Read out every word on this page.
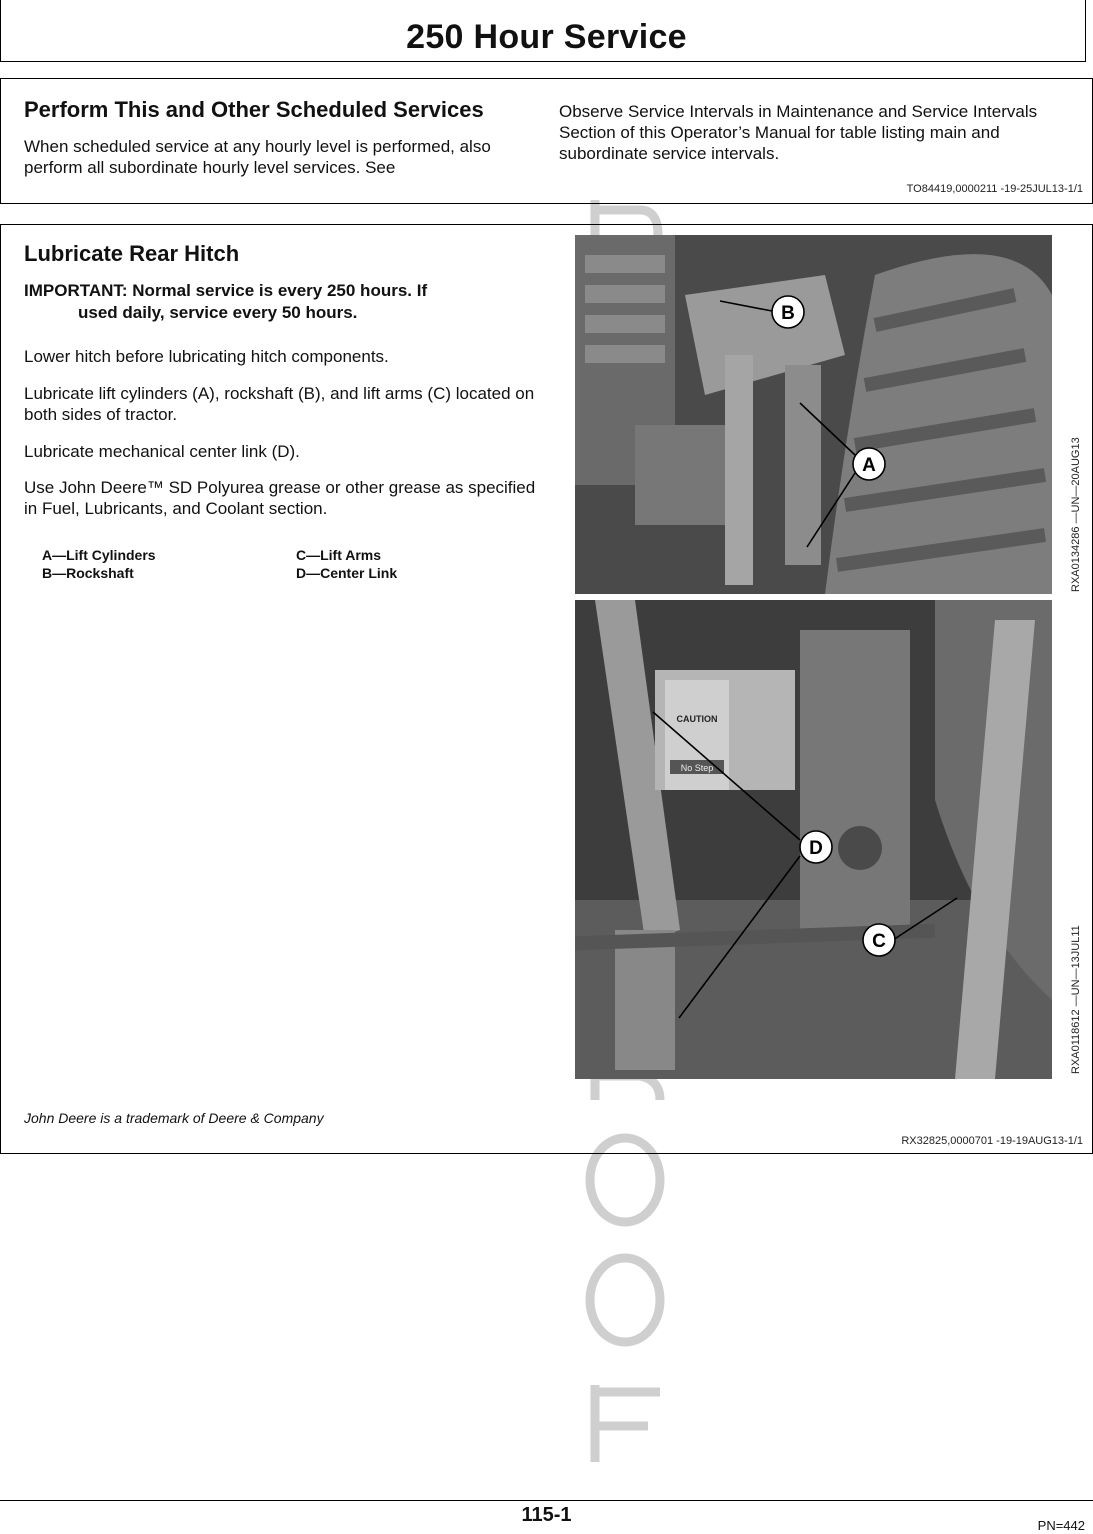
250 Hour Service
Perform This and Other Scheduled Services
When scheduled service at any hourly level is performed, also perform all subordinate hourly level services. See
Observe Service Intervals in Maintenance and Service Intervals Section of this Operator’s Manual for table listing main and subordinate service intervals.
TO84419,0000211 -19-25JUL13-1/1
Lubricate Rear Hitch
IMPORTANT: Normal service is every 250 hours. If
used daily, service every 50 hours.
Lower hitch before lubricating hitch components.
Lubricate lift cylinders (A), rockshaft (B), and lift arms (C) located on both sides of tractor.
Lubricate mechanical center link (D).
Use John Deere™ SD Polyurea grease or other grease as specified in Fuel, Lubricants, and Coolant section.
A—Lift Cylinders
B—Rockshaft
C—Lift Arms
D—Center Link
B
A	RXA0134286 —UN—20AUG13
CAUTION
No Step
D
C	RXA0118612 —UN—13JUL11
John Deere is a trademark of Deere & Company
RX32825,0000701 -19-19AUG13-1/1
115-1	PN=442
